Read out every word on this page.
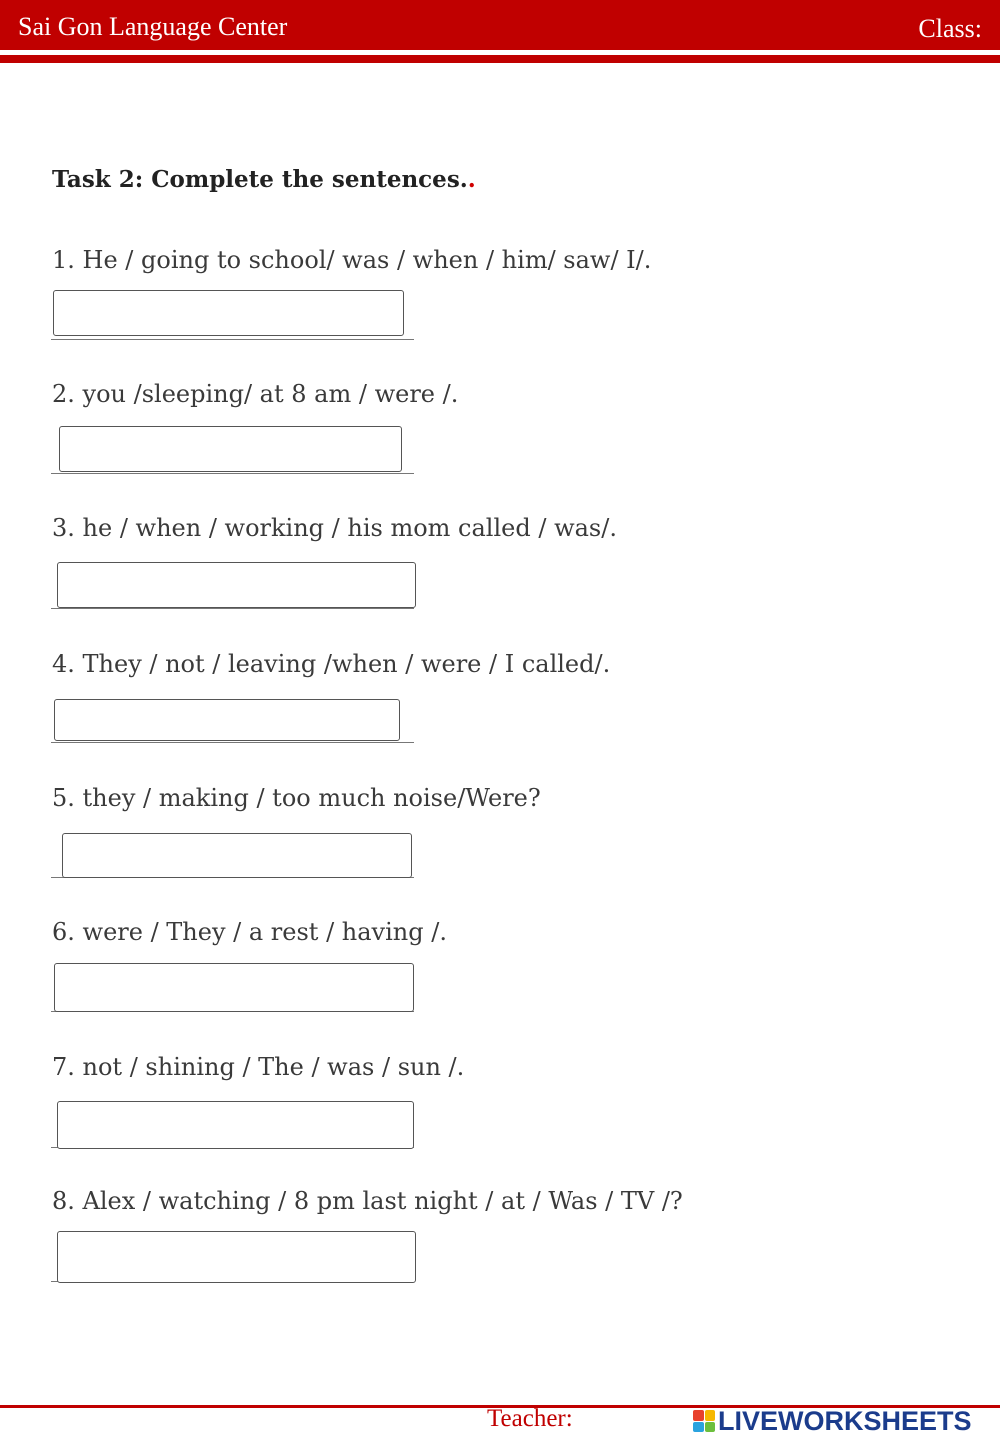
Sai Gon Language Center	Class:
Task 2: Complete the sentences..
1. He / going to school/ was / when / him/ saw/ I/.
2. you /sleeping/ at 8 am / were /.
3. he / when / working / his mom called / was/.
4. They / not / leaving /when / were / I called/.
5. they / making / too much noise/Were?
6. were / They / a rest / having /.
7. not / shining / The / was / sun /.
8. Alex / watching / 8 pm last night / at / Was / TV /?
Teacher:	LIVEWORKSHEETS
